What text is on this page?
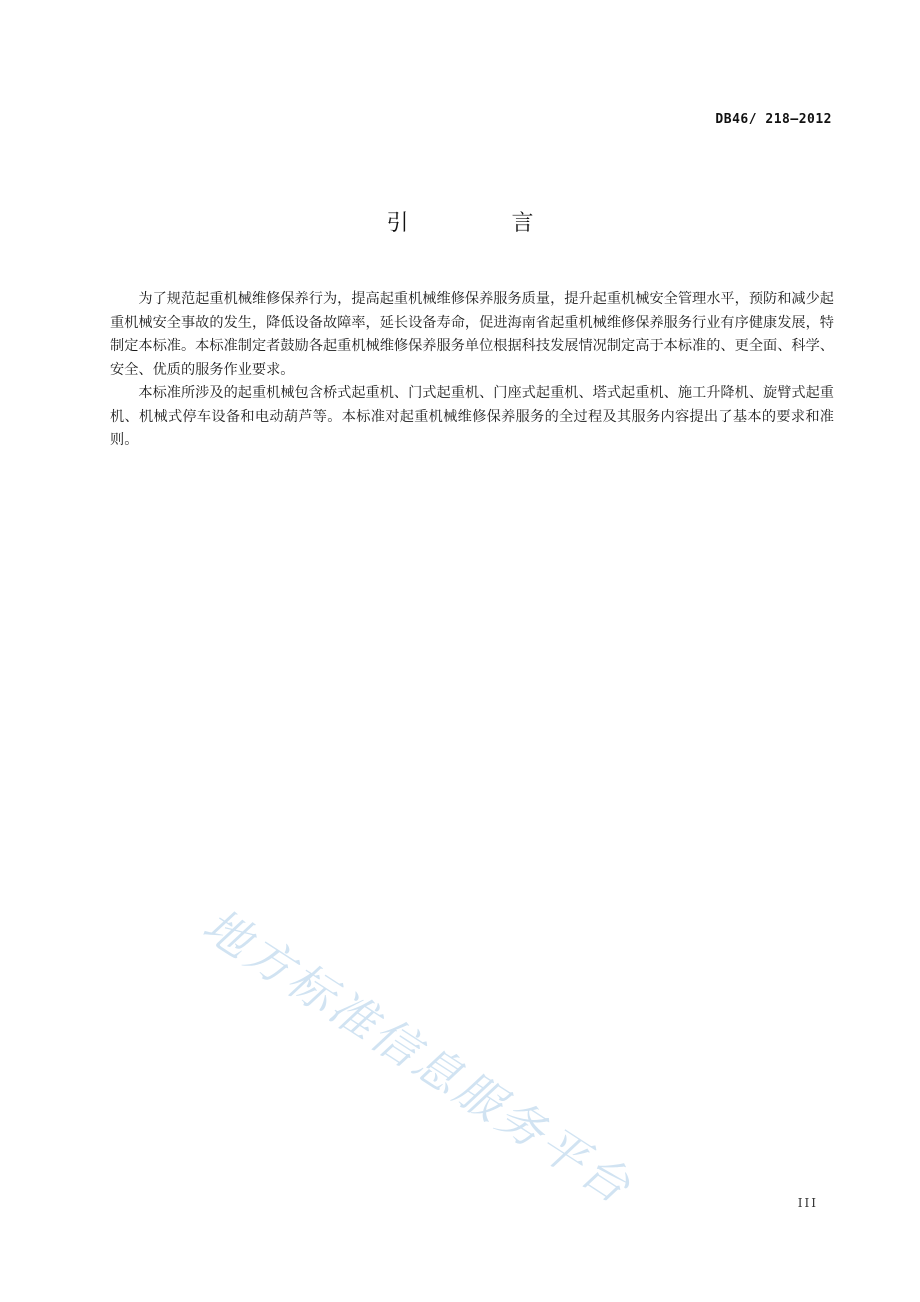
DB46/ 218—2012
引 言

为了规范起重机械维修保养行为，提高起重机械维修保养服务质量，提升起重机械安全管理水平，预防和减少起重机械安全事故的发生，降低设备故障率，延长设备寿命，促进海南省起重机械维修保养服务行业有序健康发展，特制定本标准。本标准制定者鼓励各起重机械维修保养服务单位根据科技发展情况制定高于本标准的、更全面、科学、安全、优质的服务作业要求。

本标准所涉及的起重机械包含桥式起重机、门式起重机、门座式起重机、塔式起重机、施工升降机、旋臂式起重机、机械式停车设备和电动葫芦等。本标准对起重机械维修保养服务的全过程及其服务内容提出了基本的要求和准则。

地方标准信息服务平台	III
